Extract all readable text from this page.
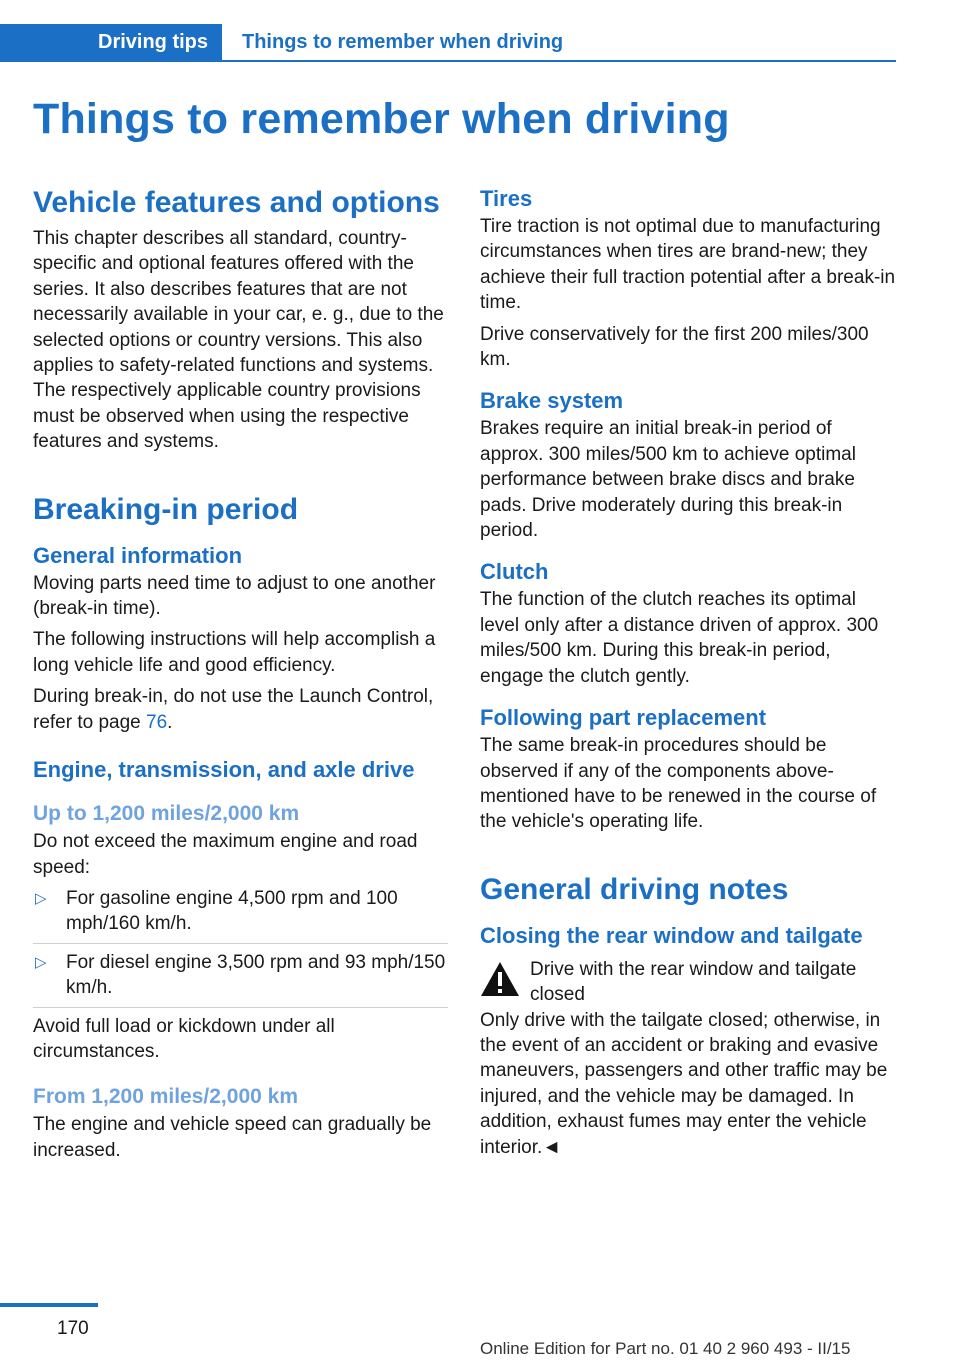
Driving tips	Things to remember when driving
Things to remember when driving
Vehicle features and options

This chapter describes all standard, country-specific and optional features offered with the series. It also describes features that are not necessarily available in your car, e. g., due to the selected options or country versions. This also applies to safety-related functions and systems. The respectively applicable country provisions must be observed when using the respective features and systems.

Breaking-in period
General information

Moving parts need time to adjust to one another (break-in time).

The following instructions will help accomplish a long vehicle life and good efficiency.

During break-in, do not use the Launch Control, refer to page 76.

Engine, transmission, and axle drive
Up to 1,200 miles/2,000 km

Do not exceed the maximum engine and road speed:

▷ For gasoline engine 4,500 rpm and 100 mph/160 km/h.
▷ For diesel engine 3,500 rpm and 93 mph/150 km/h.

Avoid full load or kickdown under all circumstances.

From 1,200 miles/2,000 km

The engine and vehicle speed can gradually be increased.

Tires

Tire traction is not optimal due to manufacturing circumstances when tires are brand-new; they achieve their full traction potential after a break-in time.

Drive conservatively for the first 200 miles/300 km.

Brake system

Brakes require an initial break-in period of approx. 300 miles/500 km to achieve optimal performance between brake discs and brake pads. Drive moderately during this break-in period.

Clutch

The function of the clutch reaches its optimal level only after a distance driven of approx. 300 miles/500 km. During this break-in period, engage the clutch gently.

Following part replacement

The same break-in procedures should be observed if any of the components above-mentioned have to be renewed in the course of the vehicle's operating life.

General driving notes
Closing the rear window and tailgate

Drive with the rear window and tailgate closed

Only drive with the tailgate closed; otherwise, in the event of an accident or braking and evasive maneuvers, passengers and other traffic may be injured, and the vehicle may be damaged. In addition, exhaust fumes may enter the vehicle interior.◄

170
Online Edition for Part no. 01 40 2 960 493 - II/15
